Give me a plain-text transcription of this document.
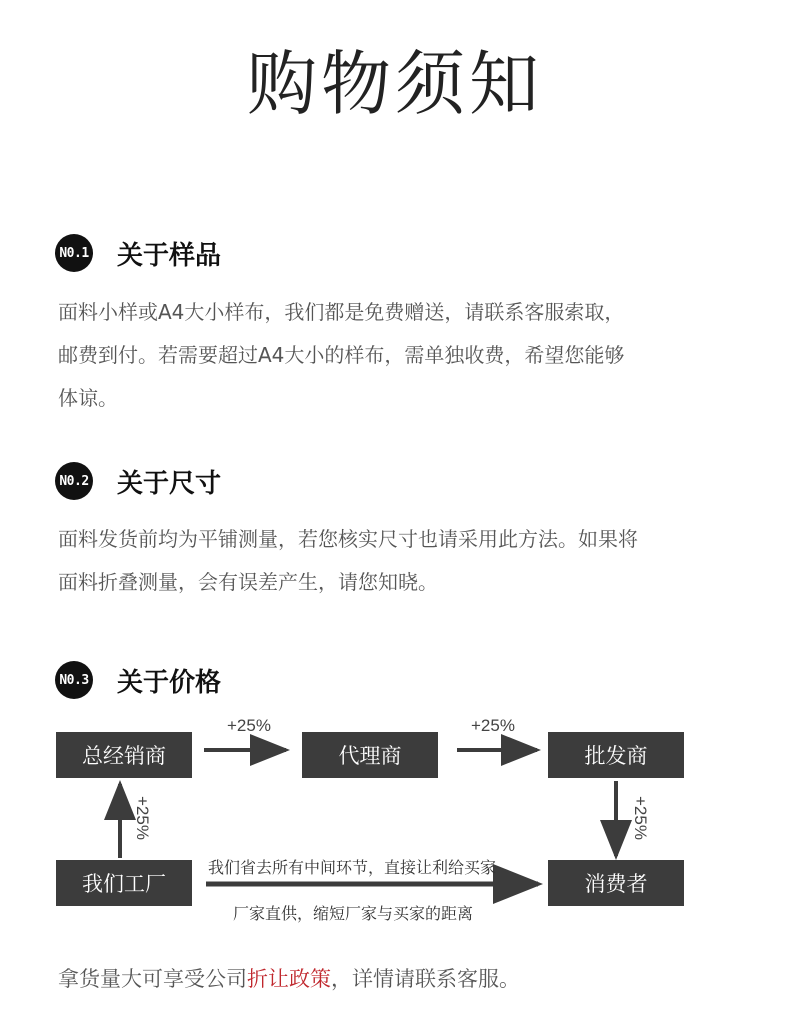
购物须知
N0.1 关于样品
面料小样或A4大小样布，我们都是免费赠送，请联系客服索取，
邮费到付。若需要超过A4大小的样布，需单独收费，希望您能够
体谅。
N0.2 关于尺寸
面料发货前均为平铺测量，若您核实尺寸也请采用此方法。如果将
面料折叠测量，会有误差产生，请您知晓。
N0.3 关于价格
总经销商	代理商	批发商
我们工厂	消费者
+25%	+25%
+25%	+25%
我们省去所有中间环节，直接让利给买家
厂家直供，缩短厂家与买家的距离
拿货量大可享受公司折让政策，详情请联系客服。
